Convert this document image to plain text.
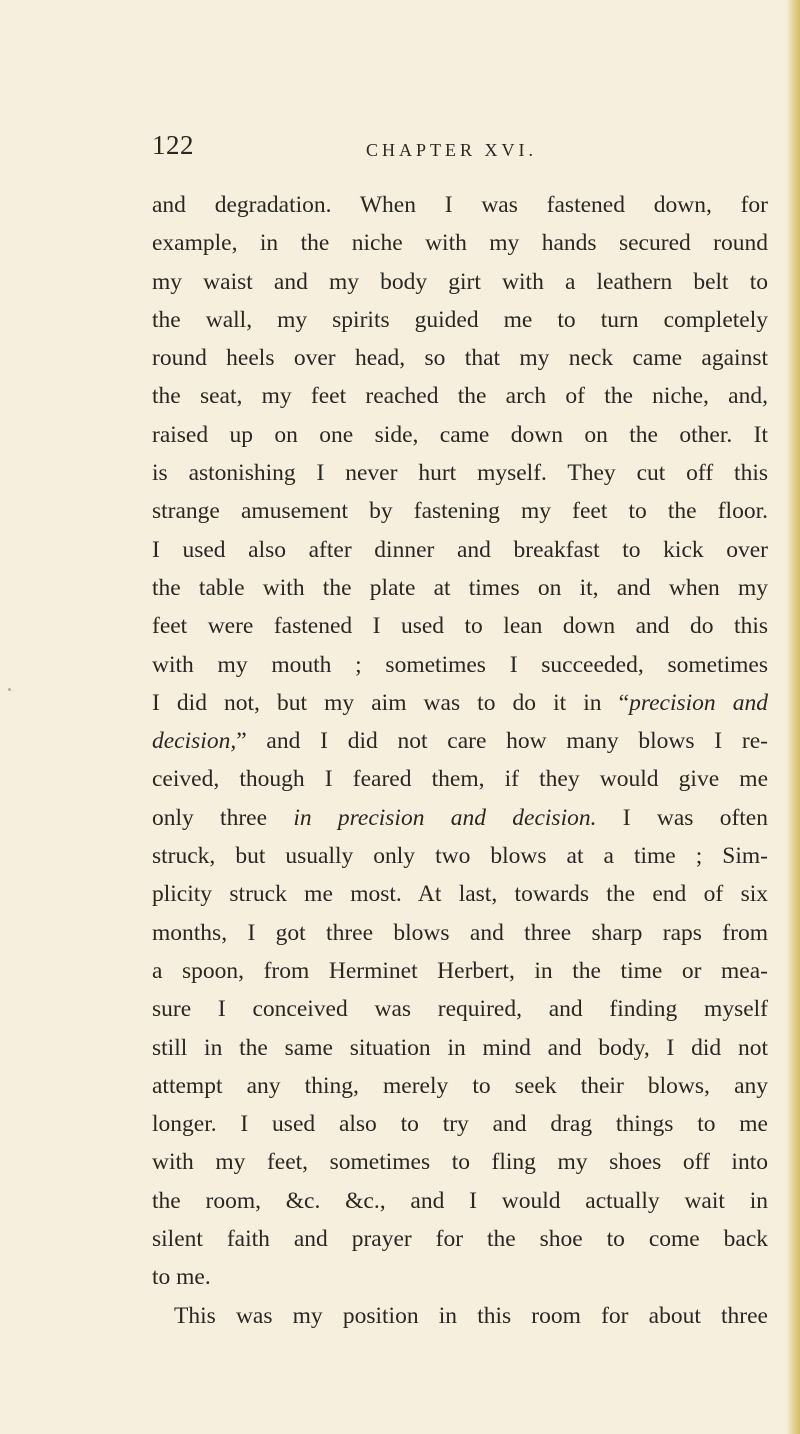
122	CHAPTER XVI.
and degradation. When I was fastened down, for
example, in the niche with my hands secured round
my waist and my body girt with a leathern belt to
the wall, my spirits guided me to turn completely
round heels over head, so that my neck came against
the seat, my feet reached the arch of the niche, and,
raised up on one side, came down on the other. It
is astonishing I never hurt myself. They cut off this
strange amusement by fastening my feet to the floor.
I used also after dinner and breakfast to kick over
the table with the plate at times on it, and when my
feet were fastened I used to lean down and do this
with my mouth ; sometimes I succeeded, sometimes
I did not, but my aim was to do it in “precision and
decision,” and I did not care how many blows I re-
ceived, though I feared them, if they would give me
only three in precision and decision. I was often
struck, but usually only two blows at a time ; Sim-
plicity struck me most. At last, towards the end of six
months, I got three blows and three sharp raps from
a spoon, from Herminet Herbert, in the time or mea-
sure I conceived was required, and finding myself
still in the same situation in mind and body, I did not
attempt any thing, merely to seek their blows, any
longer. I used also to try and drag things to me
with my feet, sometimes to fling my shoes off into
the room, &c. &c., and I would actually wait in
silent faith and prayer for the shoe to come back
to me.
This was my position in this room for about three
